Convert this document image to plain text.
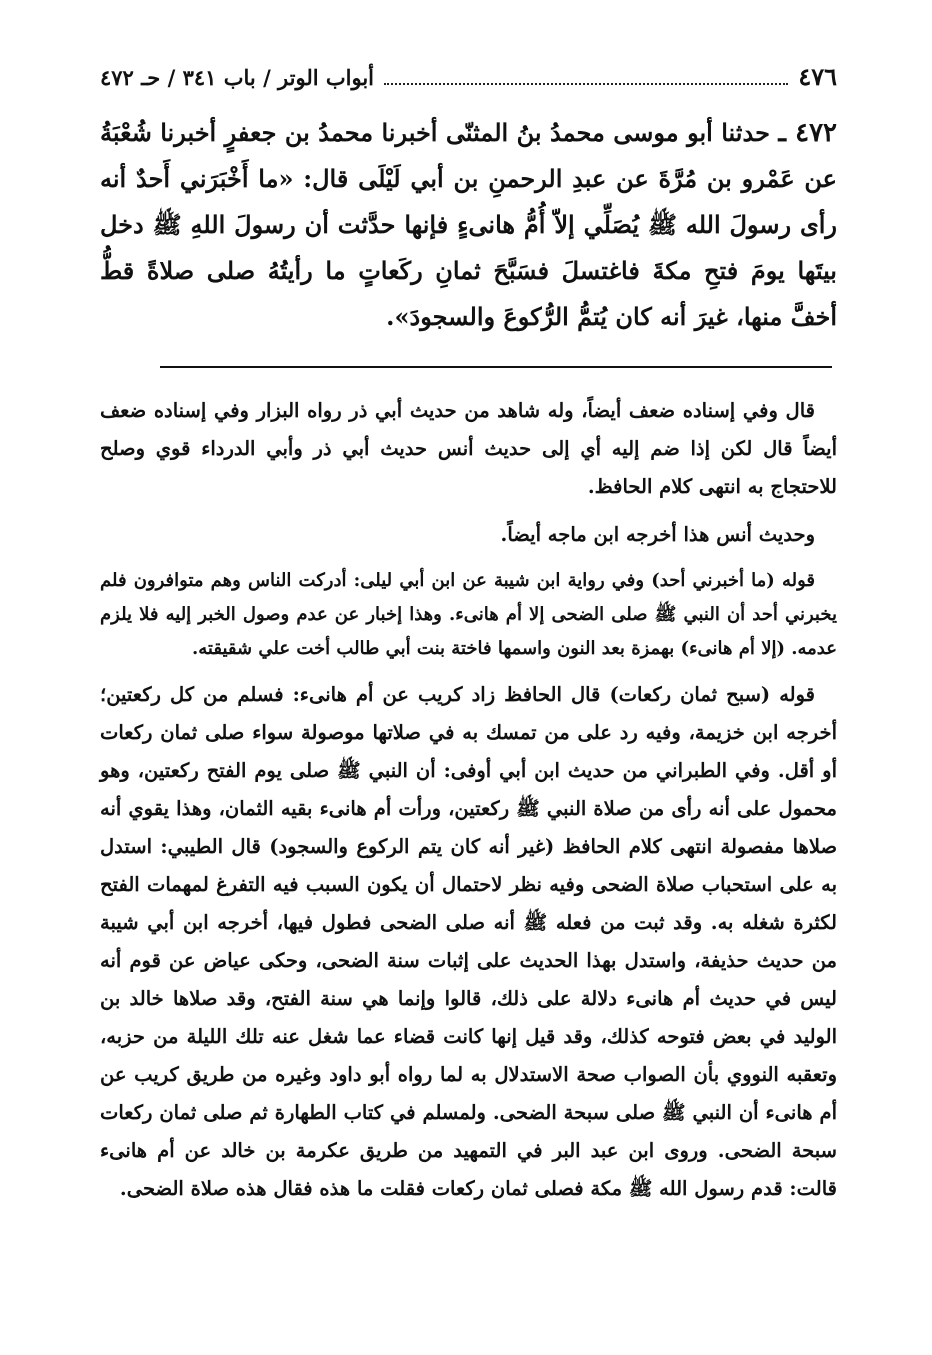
٤٧٦
أبواب الوتر / باب ٣٤١ / حـ ٤٧٢
٤٧٢ ـ حدثنا أبو موسى محمدُ بنُ المثنّى أخبرنا محمدُ بن جعفرٍ أخبرنا شُعْبَةُ عن عَمْرو بن مُرَّةَ عن عبدِ الرحمنِ بن أبي لَيْلَى قال: «ما أَخْبَرَني أَحدٌ أنه رأى رسولَ الله ﷺ يُصَلِّي إلاّ أُمُّ هانىءٍ فإنها حدَّثت أن رسولَ اللهِ ﷺ دخل بيتَها يومَ فتحِ مكةَ فاغتسلَ فسَبَّحَ ثمانِ ركَعاتٍ ما رأيتُهُ صلى صلاةً قطُّ أخفَّ منها، غيرَ أنه كان يُتمُّ الرُّكوعَ والسجودَ».

قال وفي إسناده ضعف أيضاً، وله شاهد من حديث أبي ذر رواه البزار وفي إسناده ضعف أيضاً قال لكن إذا ضم إليه أي إلى حديث أنس حديث أبي ذر وأبي الدرداء قوي وصلح للاحتجاج به انتهى كلام الحافظ.

وحديث أنس هذا أخرجه ابن ماجه أيضاً.

قوله (ما أخبرني أحد) وفي رواية ابن شيبة عن ابن أبي ليلى: أدركت الناس وهم متوافرون فلم يخبرني أحد أن النبي ﷺ صلى الضحى إلا أم هانىء. وهذا إخبار عن عدم وصول الخبر إليه فلا يلزم عدمه. (إلا أم هانىء) بهمزة بعد النون واسمها فاختة بنت أبي طالب أخت علي شقيقته.

قوله (سبح ثمان ركعات) قال الحافظ زاد كريب عن أم هانىء: فسلم من كل ركعتين؛ أخرجه ابن خزيمة، وفيه رد على من تمسك به في صلاتها موصولة سواء صلى ثمان ركعات أو أقل. وفي الطبراني من حديث ابن أبي أوفى: أن النبي ﷺ صلى يوم الفتح ركعتين، وهو محمول على أنه رأى من صلاة النبي ﷺ ركعتين، ورأت أم هانىء بقيه الثمان، وهذا يقوي أنه صلاها مفصولة انتهى كلام الحافظ (غير أنه كان يتم الركوع والسجود) قال الطيبي: استدل به على استحباب صلاة الضحى وفيه نظر لاحتمال أن يكون السبب فيه التفرغ لمهمات الفتح لكثرة شغله به. وقد ثبت من فعله ﷺ أنه صلى الضحى فطول فيها، أخرجه ابن أبي شيبة من حديث حذيفة، واستدل بهذا الحديث على إثبات سنة الضحى، وحكى عياض عن قوم أنه ليس في حديث أم هانىء دلالة على ذلك، قالوا وإنما هي سنة الفتح، وقد صلاها خالد بن الوليد في بعض فتوحه كذلك، وقد قيل إنها كانت قضاء عما شغل عنه تلك الليلة من حزبه، وتعقبه النووي بأن الصواب صحة الاستدلال به لما رواه أبو داود وغيره من طريق كريب عن أم هانىء أن النبي ﷺ صلى سبحة الضحى. ولمسلم في كتاب الطهارة ثم صلى ثمان ركعات سبحة الضحى. وروى ابن عبد البر في التمهيد من طريق عكرمة بن خالد عن أم هانىء قالت: قدم رسول الله ﷺ مكة فصلى ثمان ركعات فقلت ما هذه فقال هذه صلاة الضحى.
